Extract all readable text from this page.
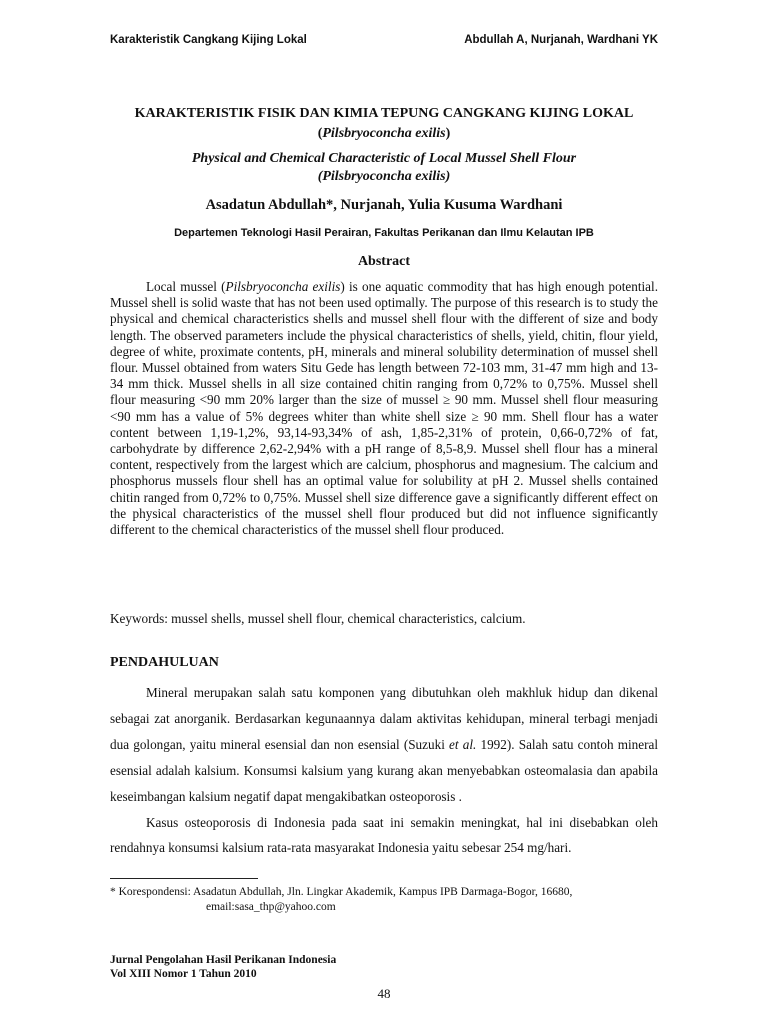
Karakteristik Cangkang Kijing Lokal	Abdullah A, Nurjanah, Wardhani YK
KARAKTERISTIK FISIK DAN KIMIA TEPUNG CANGKANG KIJING LOKAL
(Pilsbryoconcha exilis)
Physical and Chemical Characteristic of Local Mussel Shell Flour
(Pilsbryoconcha exilis)
Asadatun Abdullah*, Nurjanah, Yulia Kusuma Wardhani
Departemen Teknologi Hasil Perairan, Fakultas Perikanan dan Ilmu Kelautan IPB
Abstract
Local mussel (Pilsbryoconcha exilis) is one aquatic commodity that has high enough potential. Mussel shell is solid waste that has not been used optimally. The purpose of this research is to study the physical and chemical characteristics shells and mussel shell flour with the different of size and body length. The observed parameters include the physical characteristics of shells, yield, chitin, flour yield, degree of white, proximate contents, pH, minerals and mineral solubility determination of mussel shell flour. Mussel obtained from waters Situ Gede has length between 72-103 mm, 31-47 mm high and 13-34 mm thick. Mussel shells in all size contained chitin ranging from 0,72% to 0,75%. Mussel shell flour measuring <90 mm 20% larger than the size of mussel ≥ 90 mm. Mussel shell flour measuring <90 mm has a value of 5% degrees whiter than white shell size ≥ 90 mm. Shell flour has a water content between 1,19-1,2%, 93,14-93,34% of ash, 1,85-2,31% of protein, 0,66-0,72% of fat, carbohydrate by difference 2,62-2,94% with a pH range of 8,5-8,9. Mussel shell flour has a mineral content, respectively from the largest which are calcium, phosphorus and magnesium. The calcium and phosphorus mussels flour shell has an optimal value for solubility at pH 2. Mussel shells contained chitin ranged from 0,72% to 0,75%. Mussel shell size difference gave a significantly different effect on the physical characteristics of the mussel shell flour produced but did not influence significantly different to the chemical characteristics of the mussel shell flour produced.
Keywords: mussel shells, mussel shell flour, chemical characteristics, calcium.
PENDAHULUAN
Mineral merupakan salah satu komponen yang dibutuhkan oleh makhluk hidup dan dikenal sebagai zat anorganik. Berdasarkan kegunaannya dalam aktivitas kehidupan, mineral terbagi menjadi dua golongan, yaitu mineral esensial dan non esensial (Suzuki et al. 1992). Salah satu contoh mineral esensial adalah kalsium. Konsumsi kalsium yang kurang akan menyebabkan osteomalasia dan apabila keseimbangan kalsium negatif dapat mengakibatkan osteoporosis .
Kasus osteoporosis di Indonesia pada saat ini semakin meningkat, hal ini disebabkan oleh rendahnya konsumsi kalsium rata-rata masyarakat Indonesia yaitu sebesar 254 mg/hari.
* Korespondensi: Asadatun Abdullah, Jln. Lingkar Akademik, Kampus IPB Darmaga-Bogor, 16680,
email:sasa_thp@yahoo.com
Jurnal Pengolahan Hasil Perikanan Indonesia
Vol XIII Nomor 1 Tahun 2010
48
